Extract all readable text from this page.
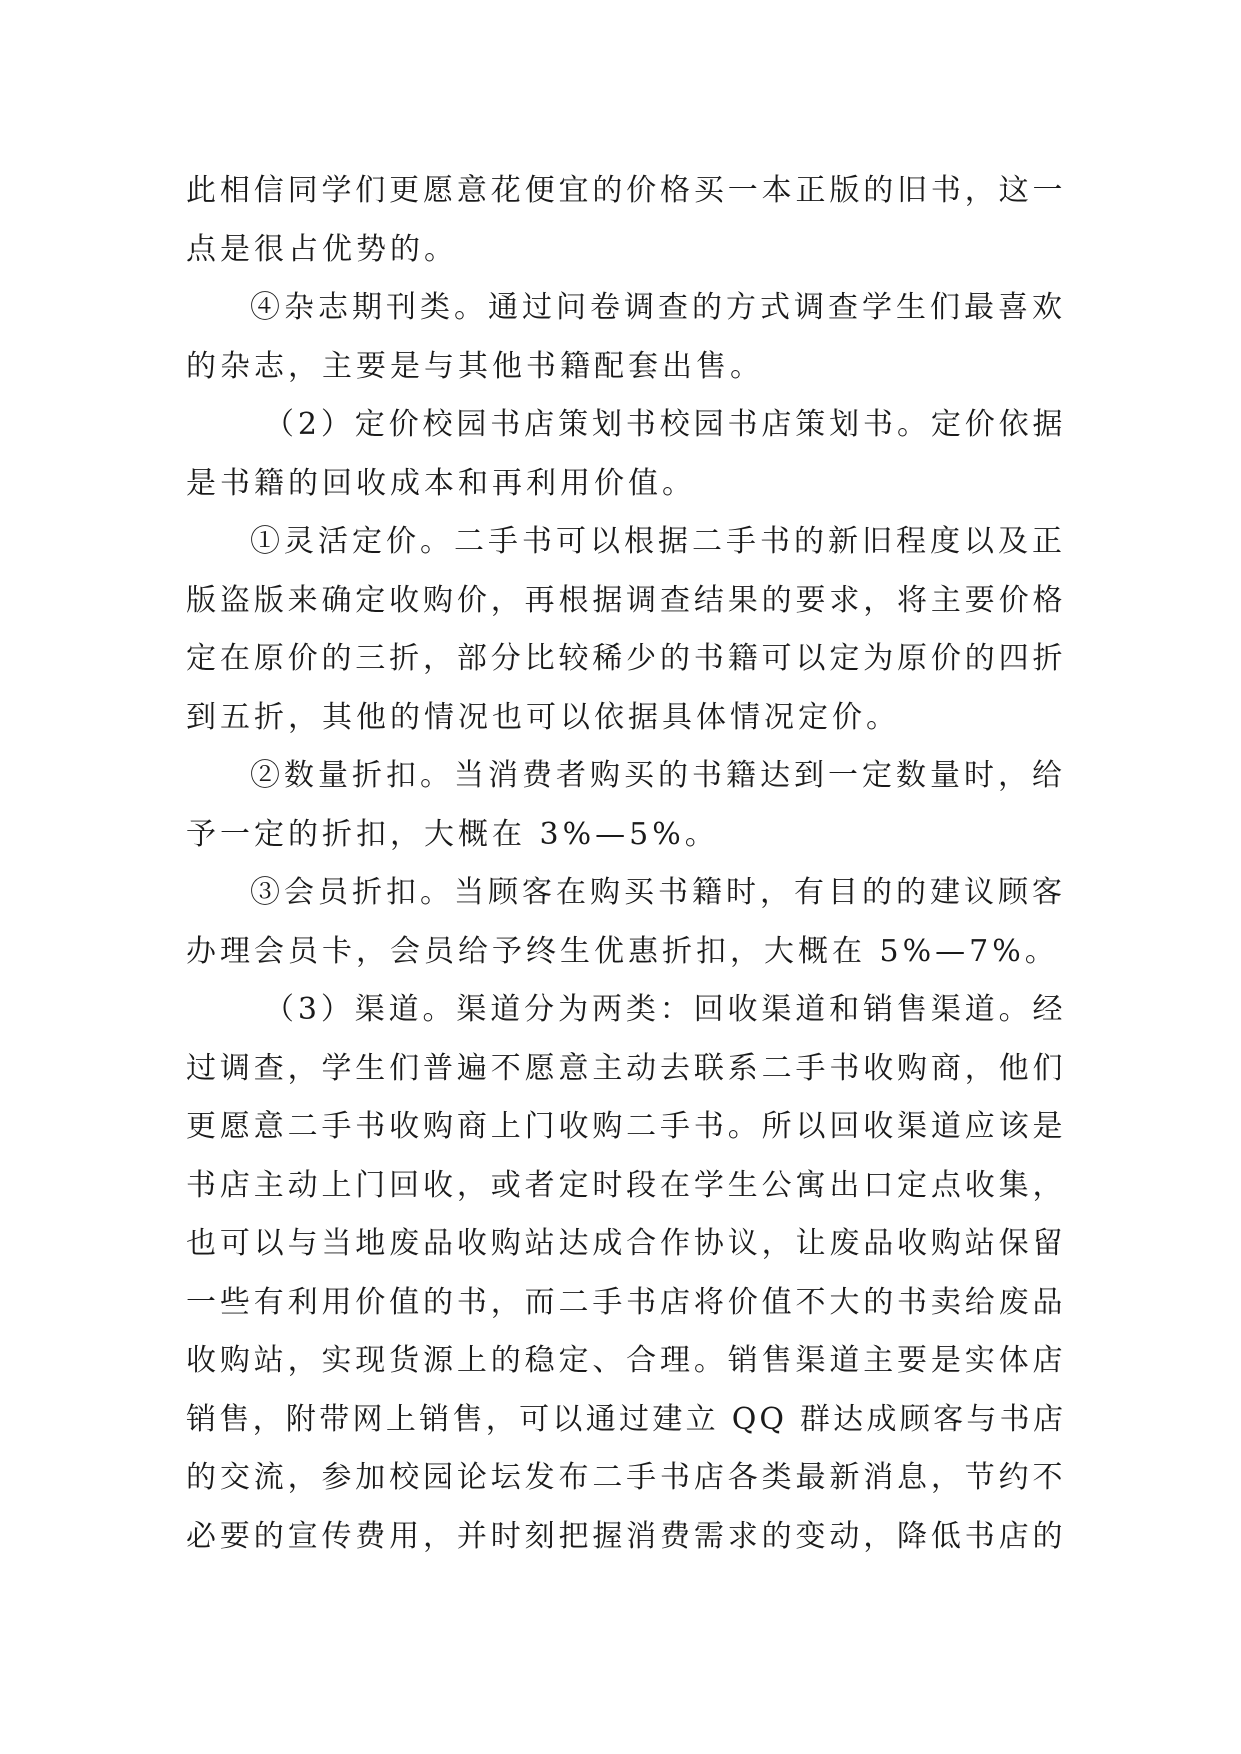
此相信同学们更愿意花便宜的价格买一本正版的旧书，这一
点是很占优势的。
④杂志期刊类。通过问卷调查的方式调查学生们最喜欢
的杂志，主要是与其他书籍配套出售。
（2）定价校园书店策划书校园书店策划书。定价依据
是书籍的回收成本和再利用价值。
①灵活定价。二手书可以根据二手书的新旧程度以及正
版盗版来确定收购价，再根据调查结果的要求，将主要价格
定在原价的三折，部分比较稀少的书籍可以定为原价的四折
到五折，其他的情况也可以依据具体情况定价。
②数量折扣。当消费者购买的书籍达到一定数量时，给
予一定的折扣，大概在 3%—5%。
③会员折扣。当顾客在购买书籍时，有目的的建议顾客
办理会员卡，会员给予终生优惠折扣，大概在 5%—7%。
（3）渠道。渠道分为两类：回收渠道和销售渠道。经
过调查，学生们普遍不愿意主动去联系二手书收购商，他们
更愿意二手书收购商上门收购二手书。所以回收渠道应该是
书店主动上门回收，或者定时段在学生公寓出口定点收集，
也可以与当地废品收购站达成合作协议，让废品收购站保留
一些有利用价值的书，而二手书店将价值不大的书卖给废品
收购站，实现货源上的稳定、合理。销售渠道主要是实体店
销售，附带网上销售，可以通过建立 QQ 群达成顾客与书店
的交流，参加校园论坛发布二手书店各类最新消息，节约不
必要的宣传费用，并时刻把握消费需求的变动，降低书店的
